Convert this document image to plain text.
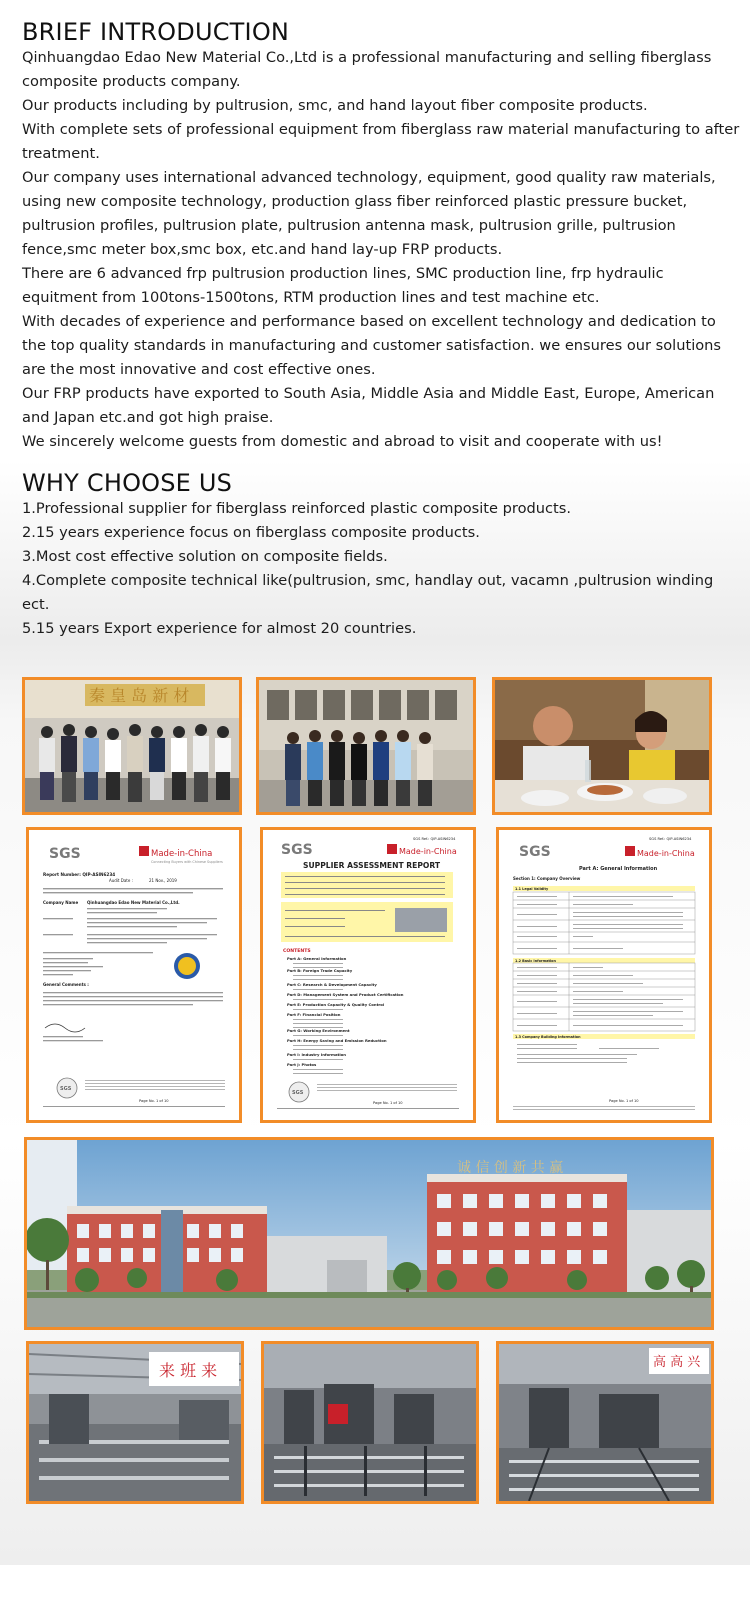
BRIEF INTRODUCTION

Qinhuangdao Edao New Material Co.,Ltd is a professional manufacturing and selling fiberglass composite products company.

Our products including by pultrusion, smc, and hand layout fiber composite products.

With complete sets of professional equipment from fiberglass raw material manufacturing to after treatment.

Our company uses international advanced technology, equipment, good quality raw materials, using new composite technology, production glass fiber reinforced plastic pressure bucket, pultrusion profiles, pultrusion plate, pultrusion antenna mask, pultrusion grille, pultrusion fence,smc meter box,smc box, etc.and hand lay-up FRP products.

There are 6 advanced frp pultrusion production lines, SMC production line, frp hydraulic equitment from 100tons-1500tons, RTM production lines and test machine etc.

With decades of experience and performance based on excellent technology and dedication to the top quality standards in manufacturing and customer satisfaction. we ensures our solutions are the most innovative and cost effective ones.

Our FRP products have exported to South Asia, Middle Asia and Middle East, Europe, American and Japan etc.and got high praise.

We sincerely welcome guests from domestic and abroad to visit and cooperate with us!

WHY CHOOSE US

1.Professional supplier for fiberglass reinforced plastic composite products.

2.15 years experience focus on fiberglass composite products.

3.Most cost effective solution on composite fields.

4.Complete composite technical like(pultrusion, smc, handlay out, vacamn ,pultrusion winding ect.

5.15 years Export experience for almost 20 countries.

秦 皇 岛 新 材
SGS	Made-in-China
Connecting Buyers with Chinese Suppliers
Report Number: QIP-ASIN6234
Audit Date :	21 Nov., 2019
Company Name Qinhuangdao Edao New Material Co.,Ltd.
General Comments :
SGS
Page No. 1 of 10
SGS Ref.: QIP-ASIN6234
SGS	Made-in-China
SUPPLIER ASSESSMENT REPORT
CONTENTS
Part A: General Information
Part B: Foreign Trade Capacity
Part C: Research & Development Capacity
Part D: Management System and Product Certification
Part E: Production Capacity & Quality Control
Part F: Financial Position
Part G: Working Environment
Part H: Energy Saving and Emission Reduction
Part I: Industry Information
Part J: Photos
SGS
Page No. 1 of 10
SGS Ref.: QIP-ASIN6234
SGS	Made-in-China
Part A: General Information
Section 1: Company Overview
1.1 Legal Validity
1.2 Basic Information
1.3 Company Building Information
Page No. 1 of 10
诚 信 创 新 共 赢
来 班 来	高 高 兴
